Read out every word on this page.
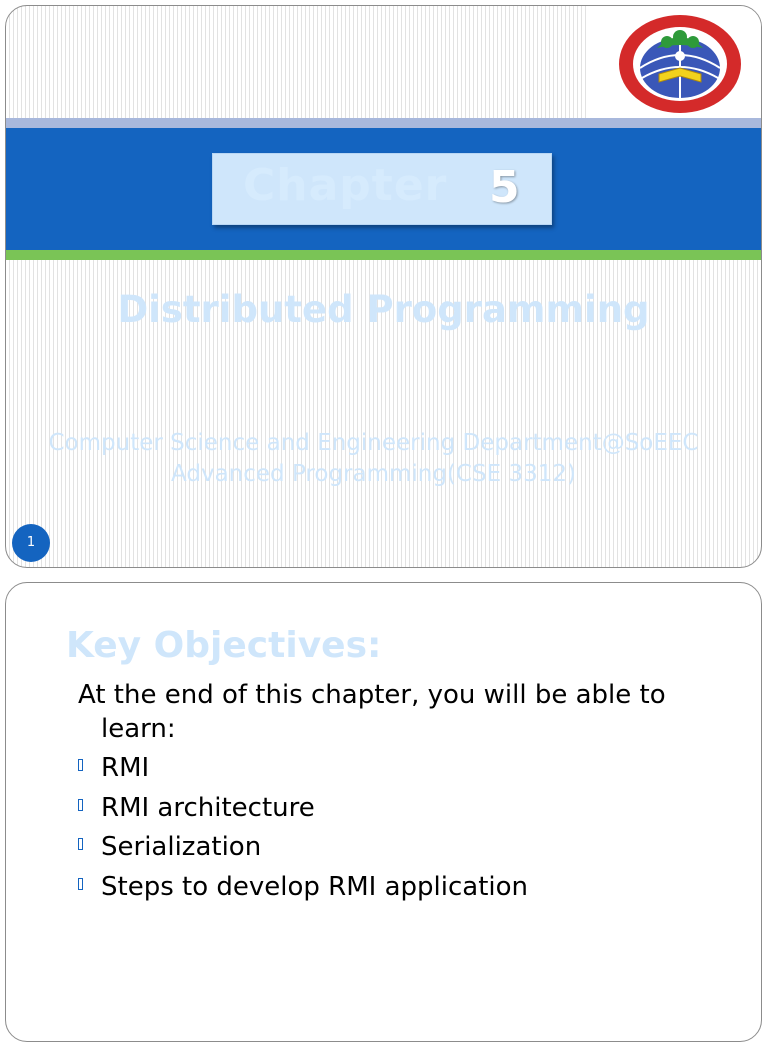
Chapter 5
Distributed Programming
Computer Science and Engineering Department@SoEEC
Advanced Programming(CSE 3312)
1
Key Objectives:
At the end of this chapter, you will be able to learn:
RMI
RMI architecture
Serialization
Steps to develop RMI application
